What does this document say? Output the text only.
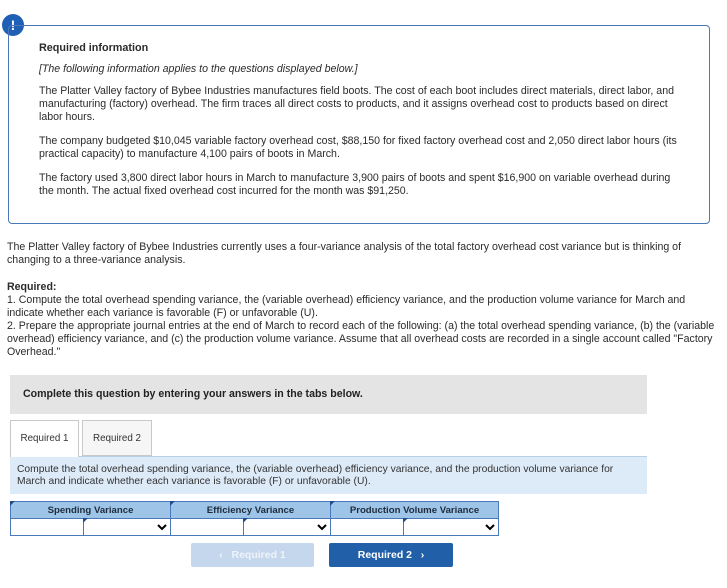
!
Required information
[The following information applies to the questions displayed below.]

The Platter Valley factory of Bybee Industries manufactures field boots. The cost of each boot includes direct materials, direct labor, and manufacturing (factory) overhead. The firm traces all direct costs to products, and it assigns overhead cost to products based on direct labor hours.

The company budgeted $10,045 variable factory overhead cost, $88,150 for fixed factory overhead cost and 2,050 direct labor hours (its practical capacity) to manufacture 4,100 pairs of boots in March.

The factory used 3,800 direct labor hours in March to manufacture 3,900 pairs of boots and spent $16,900 on variable overhead during the month. The actual fixed overhead cost incurred for the month was $91,250.

The Platter Valley factory of Bybee Industries currently uses a four-variance analysis of the total factory overhead cost variance but is thinking of changing to a three-variance analysis.
Required:
1. Compute the total overhead spending variance, the (variable overhead) efficiency variance, and the production volume variance for March and indicate whether each variance is favorable (F) or unfavorable (U).
2. Prepare the appropriate journal entries at the end of March to record each of the following: (a) the total overhead spending variance, (b) the (variable overhead) efficiency variance, and (c) the production volume variance. Assume that all overhead costs are recorded in a single account called "Factory Overhead."
Complete this question by entering your answers in the tabs below.
Required 1	Required 2
Compute the total overhead spending variance, the (variable overhead) efficiency variance, and the production volume variance for March and indicate whether each variance is favorable (F) or unfavorable (U).
Spending Variance		Efficiency Variance		Production Volume Variance	

‹ Required 1	Required 2 ›
